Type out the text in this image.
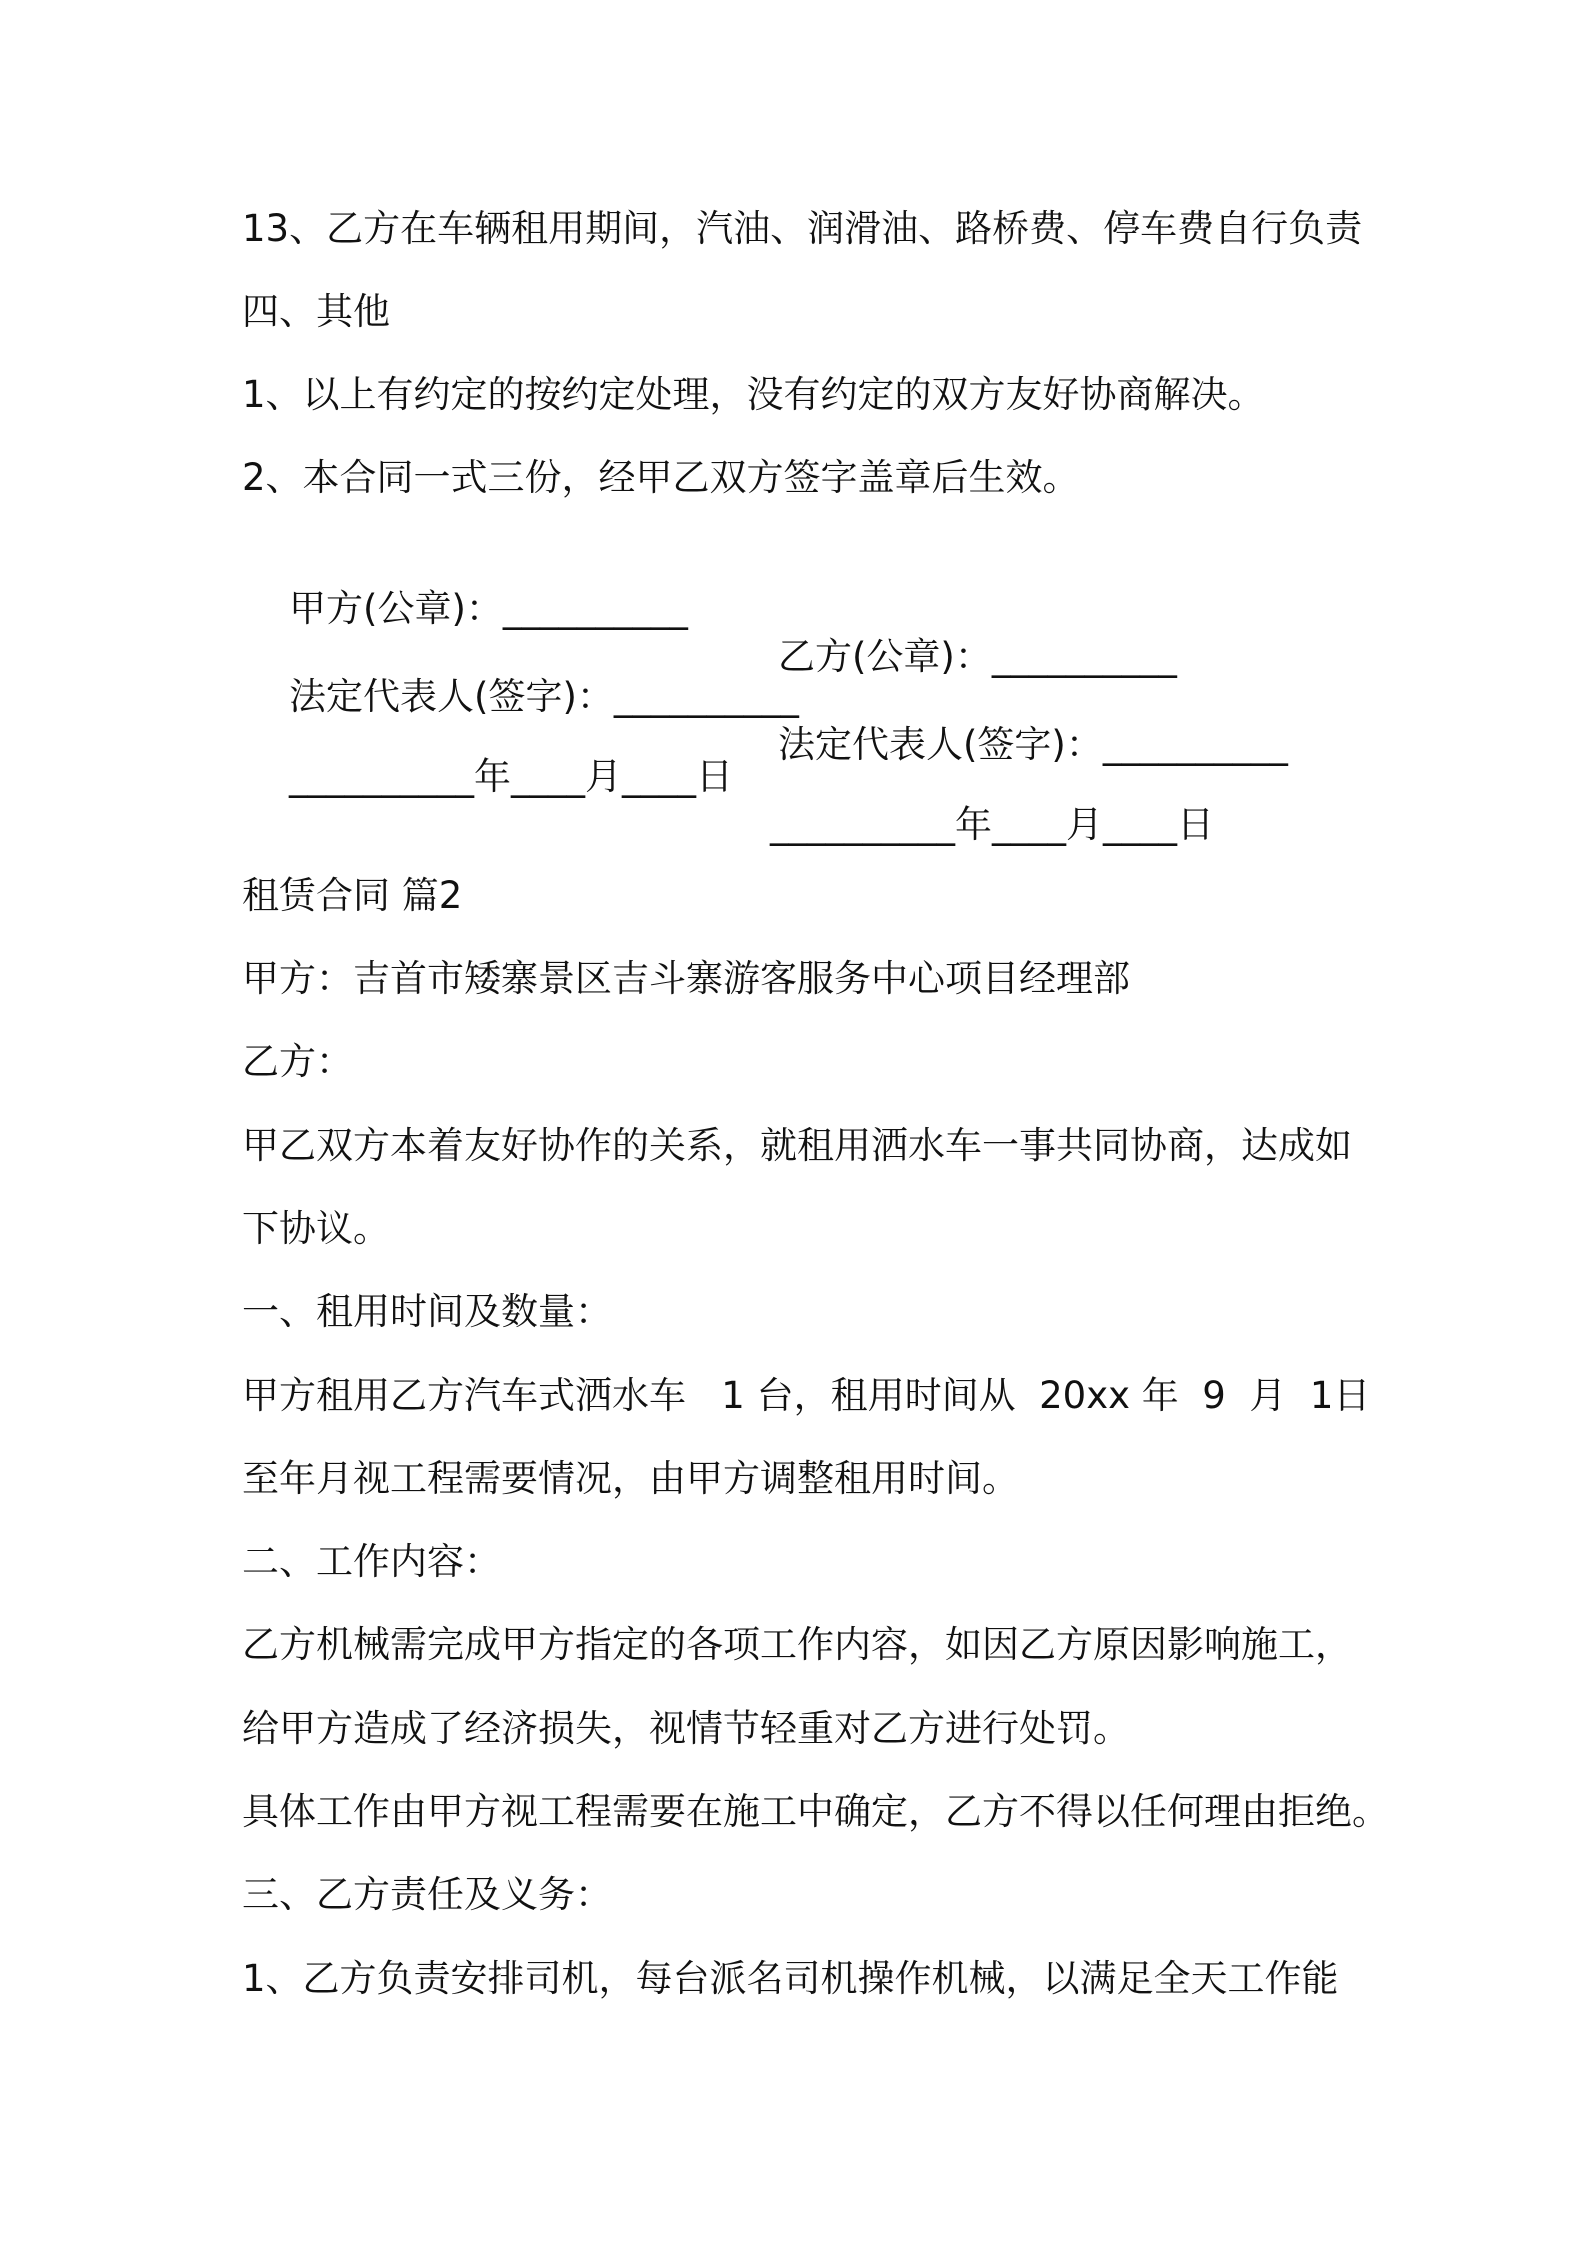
13、乙方在车辆租用期间，汽油、润滑油、路桥费、停车费自行负责
四、其他
1、以上有约定的按约定处理，没有约定的双方友好协商解决。
2、本合同一式三份，经甲乙双方签字盖章后生效。

甲方(公章)：__________

乙方(公章)：__________

法定代表人(签字)：__________

法定代表人(签字)：__________

__________年____月____日

__________年____月____日

租赁合同 篇2
甲方：吉首市矮寨景区吉斗寨游客服务中心项目经理部
乙方：
甲乙双方本着友好协作的关系，就租用洒水车一事共同协商，达成如
下协议。
一、租用时间及数量：
甲方租用乙方汽车式洒水车   1 台，租用时间从  20xx 年  9  月  1日
至年月视工程需要情况，由甲方调整租用时间。
二、工作内容：
乙方机械需完成甲方指定的各项工作内容，如因乙方原因影响施工，
给甲方造成了经济损失，视情节轻重对乙方进行处罚。
具体工作由甲方视工程需要在施工中确定，乙方不得以任何理由拒绝。
三、乙方责任及义务：
1、乙方负责安排司机，每台派名司机操作机械，以满足全天工作能
